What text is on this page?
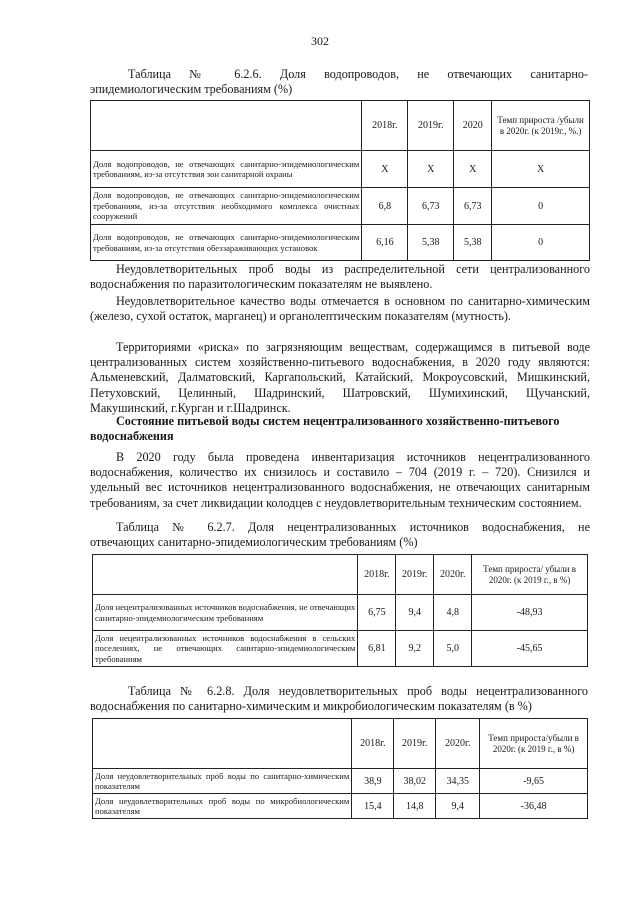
302
Таблица № 6.2.6. Доля водопроводов, не отвечающих санитарно-
эпидемиологическим требованиям (%)
	2018г.	2019г.	2020	Темп прироста /убыли в 2020г. (к 2019г., %.)
Доля водопроводов, не отвечающих санитарно-эпидемиологическим требованиям, из-за отсутствия зон санитарной охраны	Х	Х	Х	Х
Доля водопроводов, не отвечающих санитарно-эпидемиологическим требованиям, из-за отсутствия необходимого комплекса очистных сооружений	6,8	6,73	6,73	0
Доля водопроводов, не отвечающих санитарно-эпидемиологическим требованиям, из-за отсутствия обеззараживающих установок	6,16	5,38	5,38	0
Неудовлетворительных проб воды из распределительной сети централизованного водоснабжения по паразитологическим показателям не выявлено.
Неудовлетворительное качество воды отмечается в основном по санитарно-химическим (железо, сухой остаток, марганец) и органолептическим показателям (мутность).
Территориями «риска» по загрязняющим веществам, содержащимся в питьевой воде централизованных систем хозяйственно-питьевого водоснабжения, в 2020 году являются: Альменевский, Далматовский, Каргапольский, Катайский, Мокроусовский, Мишкинский, Петуховский, Целинный, Шадринский, Шатровский, Шумихинский, Щучанский, Макушинский, г.Курган и г.Шадринск.
Состояние питьевой воды систем нецентрализованного хозяйственно-питьевого водоснабжения
В 2020 году была проведена инвентаризация источников нецентрализованного водоснабжения, количество их снизилось и составило – 704 (2019 г. – 720). Снизился и удельный вес источников нецентрализованного водоснабжения, не отвечающих санитарным требованиям, за счет ликвидации колодцев с неудовлетворительным техническим состоянием.
Таблица № 6.2.7. Доля нецентрализованных источников водоснабжения, не
отвечающих санитарно-эпидемиологическим требованиям (%)
	2018г.	2019г.	2020г.	Темп прироста/ убыли в 2020г. (к 2019 г., в %)
Доля нецентрализованных источников водоснабжения, не отвечающих санитарно-эпидемиологическим требованиям	6,75	9,4	4,8	-48,93
Доля нецентрализованных источников водоснабжения в сельских поселениях, не отвечающих санитарно-эпидемиологическим требованиям	6,81	9,2	5,0	-45,65
Таблица № 6.2.8. Доля неудовлетворительных проб воды нецентрализованного
водоснабжения по санитарно-химическим и микробиологическим показателям (в %)
	2018г.	2019г.	2020г.	Темп прироста/убыли в 2020г. (к 2019 г., в %)
Доля неудовлетворительных проб воды по санитарно-химическим показателям	38,9	38,02	34,35	-9,65
Доля неудовлетворительных проб воды по микробиологическим показателям	15,4	14,8	9,4	-36,48
